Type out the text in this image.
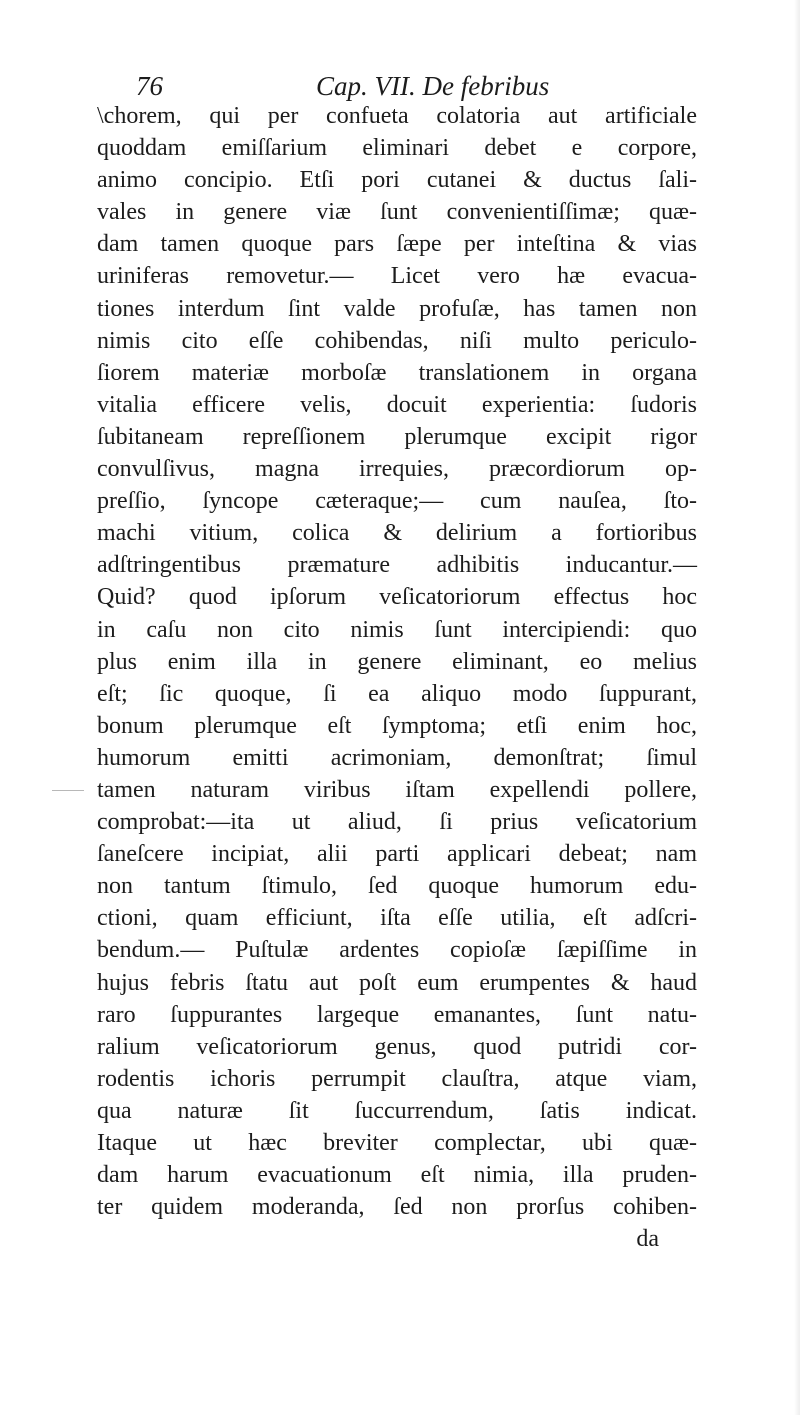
76	Cap. VII. De febribus
\chorem, qui per confueta colatoria aut artificiale
quoddam emiſſarium eliminari debet e corpore,
animo concipio. Etſi pori cutanei & ductus ſali-
vales in genere viæ ſunt convenientiſſimæ; quæ-
dam tamen quoque pars ſæpe per inteſtina & vias
uriniferas removetur.— Licet vero hæ evacua-
tiones interdum ſint valde profuſæ, has tamen non
nimis cito eſſe cohibendas, niſi multo periculo-
ſiorem materiæ morboſæ translationem in organa
vitalia efficere velis, docuit experientia: ſudoris
ſubitaneam repreſſionem plerumque excipit rigor
convulſivus, magna irrequies, præcordiorum op-
preſſio, ſyncope cæteraque;— cum nauſea, ſto-
machi vitium, colica & delirium a fortioribus
adſtringentibus præmature adhibitis inducantur.—
Quid? quod ipſorum veſicatoriorum effectus hoc
in caſu non cito nimis ſunt intercipiendi: quo
plus enim illa in genere eliminant, eo melius
eſt; ſic quoque, ſi ea aliquo modo ſuppurant,
bonum plerumque eſt ſymptoma; etſi enim hoc,
humorum emitti acrimoniam, demonſtrat; ſimul
tamen naturam viribus iſtam expellendi pollere,
comprobat:—ita ut aliud, ſi prius veſicatorium
ſaneſcere incipiat, alii parti applicari debeat; nam
non tantum ſtimulo, ſed quoque humorum edu-
ctioni, quam efficiunt, iſta eſſe utilia, eſt adſcri-
bendum.— Puſtulæ ardentes copioſæ ſæpiſſime in
hujus febris ſtatu aut poſt eum erumpentes & haud
raro ſuppurantes largeque emanantes, ſunt natu-
ralium veſicatoriorum genus, quod putridi cor-
rodentis ichoris perrumpit clauſtra, atque viam,
qua naturæ ſit ſuccurrendum, ſatis indicat.
Itaque ut hæc breviter complectar, ubi quæ-
dam harum evacuationum eſt nimia, illa pruden-
ter quidem moderanda, ſed non prorſus cohiben-
da
